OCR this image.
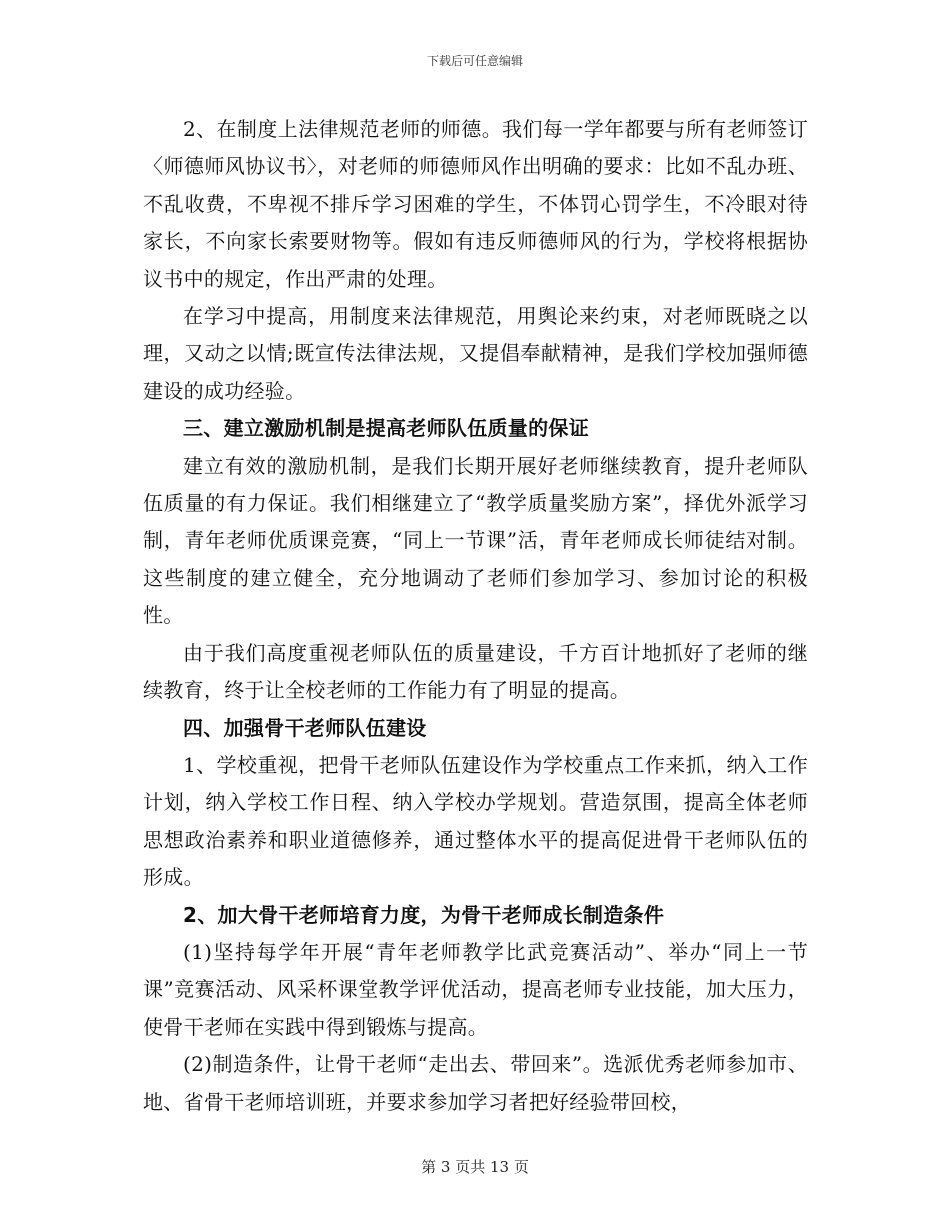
下载后可任意编辑

2、在制度上法律规范老师的师德。我们每一学年都要与所有老师签订〈师德师风协议书〉，对老师的师德师风作出明确的要求：比如不乱办班、不乱收费，不卑视不排斥学习困难的学生，不体罚心罚学生，不冷眼对待家长，不向家长索要财物等。假如有违反师德师风的行为，学校将根据协议书中的规定，作出严肃的处理。

在学习中提高，用制度来法律规范，用舆论来约束，对老师既晓之以理，又动之以情;既宣传法律法规，又提倡奉献精神，是我们学校加强师德建设的成功经验。

三、建立激励机制是提高老师队伍质量的保证

建立有效的激励机制，是我们长期开展好老师继续教育，提升老师队伍质量的有力保证。我们相继建立了“教学质量奖励方案”，择优外派学习制，青年老师优质课竞赛，“同上一节课”活，青年老师成长师徒结对制。这些制度的建立健全，充分地调动了老师们参加学习、参加讨论的积极性。

由于我们高度重视老师队伍的质量建设，千方百计地抓好了老师的继续教育，终于让全校老师的工作能力有了明显的提高。

四、加强骨干老师队伍建设

1、学校重视，把骨干老师队伍建设作为学校重点工作来抓，纳入工作计划，纳入学校工作日程、纳入学校办学规划。营造氛围，提高全体老师思想政治素养和职业道德修养，通过整体水平的提高促进骨干老师队伍的形成。

2、加大骨干老师培育力度，为骨干老师成长制造条件

(1)坚持每学年开展“青年老师教学比武竞赛活动”、举办“同上一节课”竞赛活动、风采杯课堂教学评优活动，提高老师专业技能，加大压力，使骨干老师在实践中得到锻炼与提高。

(2)制造条件，让骨干老师“走出去、带回来”。选派优秀老师参加市、地、省骨干老师培训班，并要求参加学习者把好经验带回校，

第 3 页共 13 页
